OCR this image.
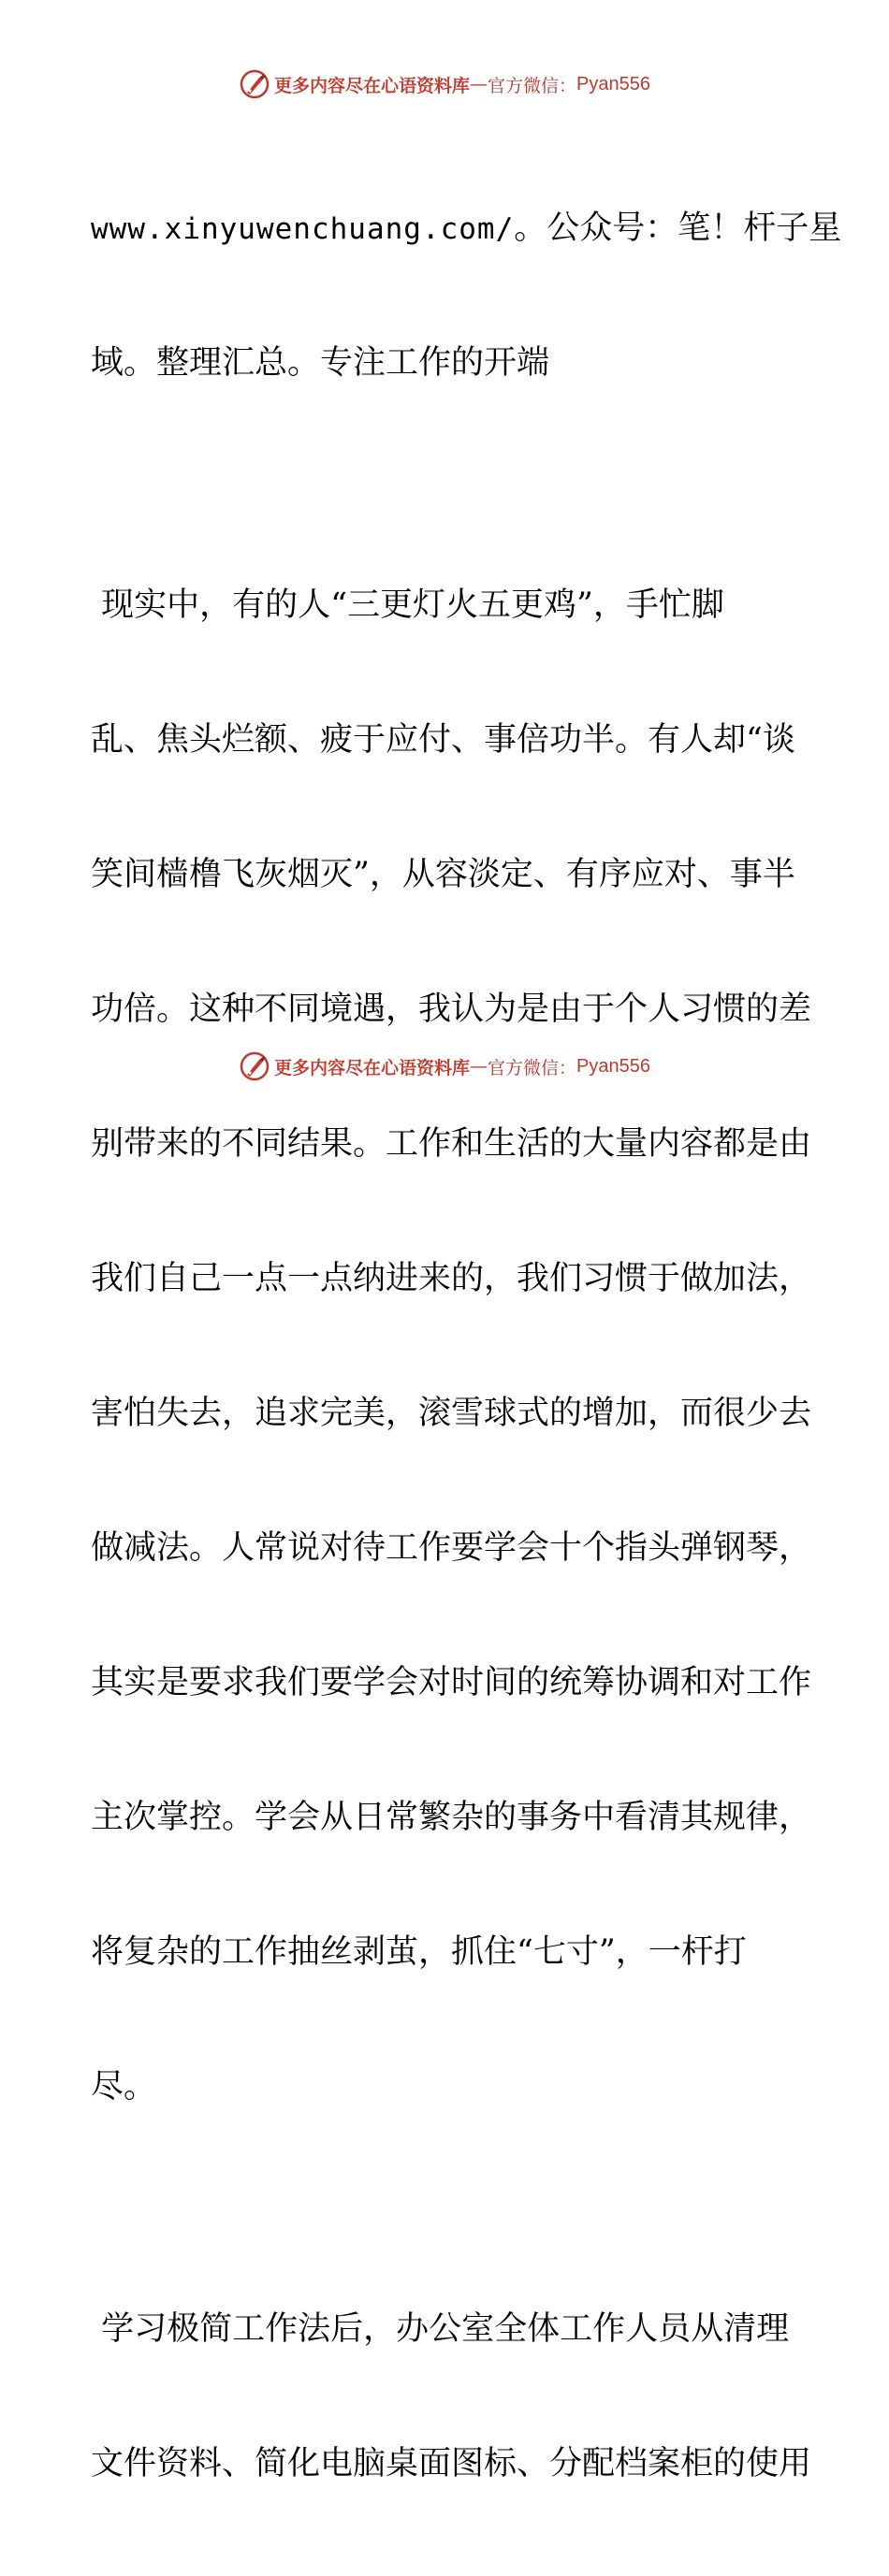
更多内容尽在心语资料库 — 官方微信： Pyan556

www.xinyuwenchuang.com/。公众号：笔！杆子星

域。整理汇总。专注工作的开端

现实中，有的人“三更灯火五更鸡”，手忙脚

乱、焦头烂额、疲于应付、事倍功半。有人却“谈

笑间樯橹飞灰烟灭”，从容淡定、有序应对、事半

功倍。这种不同境遇，我认为是由于个人习惯的差

别带来的不同结果。工作和生活的大量内容都是由

我们自己一点一点纳进来的，我们习惯于做加法，

害怕失去，追求完美，滚雪球式的增加，而很少去

做减法。人常说对待工作要学会十个指头弹钢琴，

其实是要求我们要学会对时间的统筹协调和对工作

主次掌控。学会从日常繁杂的事务中看清其规律，

将复杂的工作抽丝剥茧，抓住“七寸”，一杆打

尽。

学习极简工作法后，办公室全体工作人员从清理

文件资料、简化电脑桌面图标、分配档案柜的使用

更多内容尽在心语资料库 — 官方微信： Pyan556
